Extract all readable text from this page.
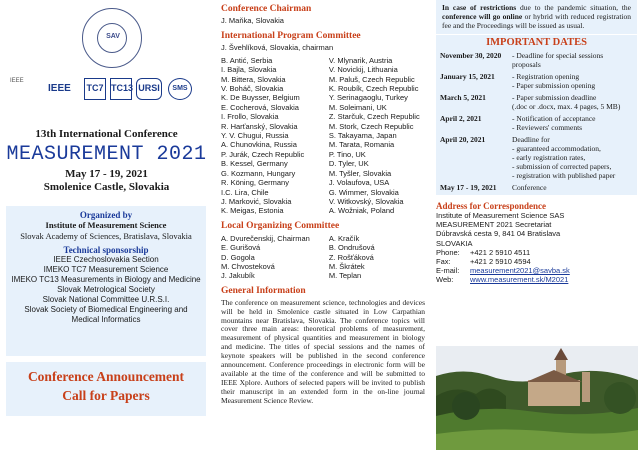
SAV
IEEE
IEEE	TC7 TC13 URSI	SMS
13th International Conference
MEASUREMENT 2021
May 17 - 19, 2021
Smolenice Castle, Slovakia
Organized by
Institute of Measurement Science
Slovak Academy of Sciences, Bratislava, Slovakia
Technical sponsorship
IEEE Czechoslovakia Section
IMEKO TC7 Measurement Science
IMEKO TC13 Measurements in Biology and Medicine
Slovak Metrological Society
Slovak National Committee U.R.S.I.
Slovak Society of Biomedical Engineering and
Medical Informatics
Conference Announcement
Call for Papers
Conference Chairman
J. Maňka, Slovakia
International Program Committee
J. Švehlíková, Slovakia, chairman
B. Antić, Serbia
I. Bajla, Slovakia
M. Bittera, Slovakia
V. Boháč, Slovakia
K. De Buysser, Belgium
E. Cocherová, Slovakia
I. Frollo, Slovakia
R. Harťanský, Slovakia
Y. V. Chugui, Russia
A. Chunovkina, Russia
P. Jurák, Czech Republic
B. Kessel, Germany
G. Kozmann, Hungary
R. Köning, Germany
I.C. Lira, Chile
J. Marković, Slovakia
K. Meigas, Estonia
V. Mlynarik, Austria
V. Novickij, Lithuania
M. Paluš, Czech Republic
K. Roubík, Czech Republic
Y. Serinagaoglu, Turkey
M. Soleimani, UK
Z. Starčuk, Czech Republic
M. Stork, Czech Republic
S. Takayama, Japan
M. Tarata, Romania
P. Tino, UK
D. Tyler, UK
M. Tyšler, Slovakia
J. Volaufova, USA
G. Wimmer, Slovakia
V. Witkovský, Slovakia
A. Wožniak, Poland
Local Organizing Committee
A. Dvurečenskij, Chairman
E. Gurišová
D. Gogola
M. Chvosteková
J. Jakubík
A. Kračík
B. Ondrušová
Z. Rošťáková
M. Škrátek
M. Teplan
General Information
The conference on measurement science, technologies and devices will be held in Smolenice castle situated in Low Carpathian mountains near Bratislava, Slovakia. The conference topics will cover three main areas: theoretical problems of measurement, measurement of physical quantities and measurement in biology and medicine. The titles of special sessions and the names of keynote speakers will be published in the second conference announcement. Conference proceedings in electronic form will be available at the time of the conference and will be submitted to IEEE Xplore. Authors of selected papers will be invited to publish their manuscript in an extended form in the on-line journal Measurement Science Review.
In case of restrictions due to the pandemic situation, the conference will go online or hybrid with reduced registration fee and the Proceedings will be issued as usual.
IMPORTANT DATES
November 30, 2020	- Deadline for special sessions
proposals
January 15, 2021	- Registration opening
- Paper submission opening
March 5, 2021	- Paper submission deadline
(.doc or .docx, max. 4 pages, 5 MB)
April 2, 2021	- Notification of acceptance
- Reviewers' comments
April 20, 2021	Deadline for
- guaranteed accommodation,
- early registration rates,
- submission of corrected papers,
- registration with published paper
May 17 - 19, 2021	Conference
Address for Correspondence
Institute of Measurement Science SAS
MEASUREMENT 2021 Secretariat
Dúbravská cesta 9, 841 04 Bratislava
SLOVAKIA
Phone:	+421 2 5910 4511
Fax:	+421 2 5910 4594
E-mail:	measurement2021@savba.sk
Web:	www.measurement.sk/M2021
